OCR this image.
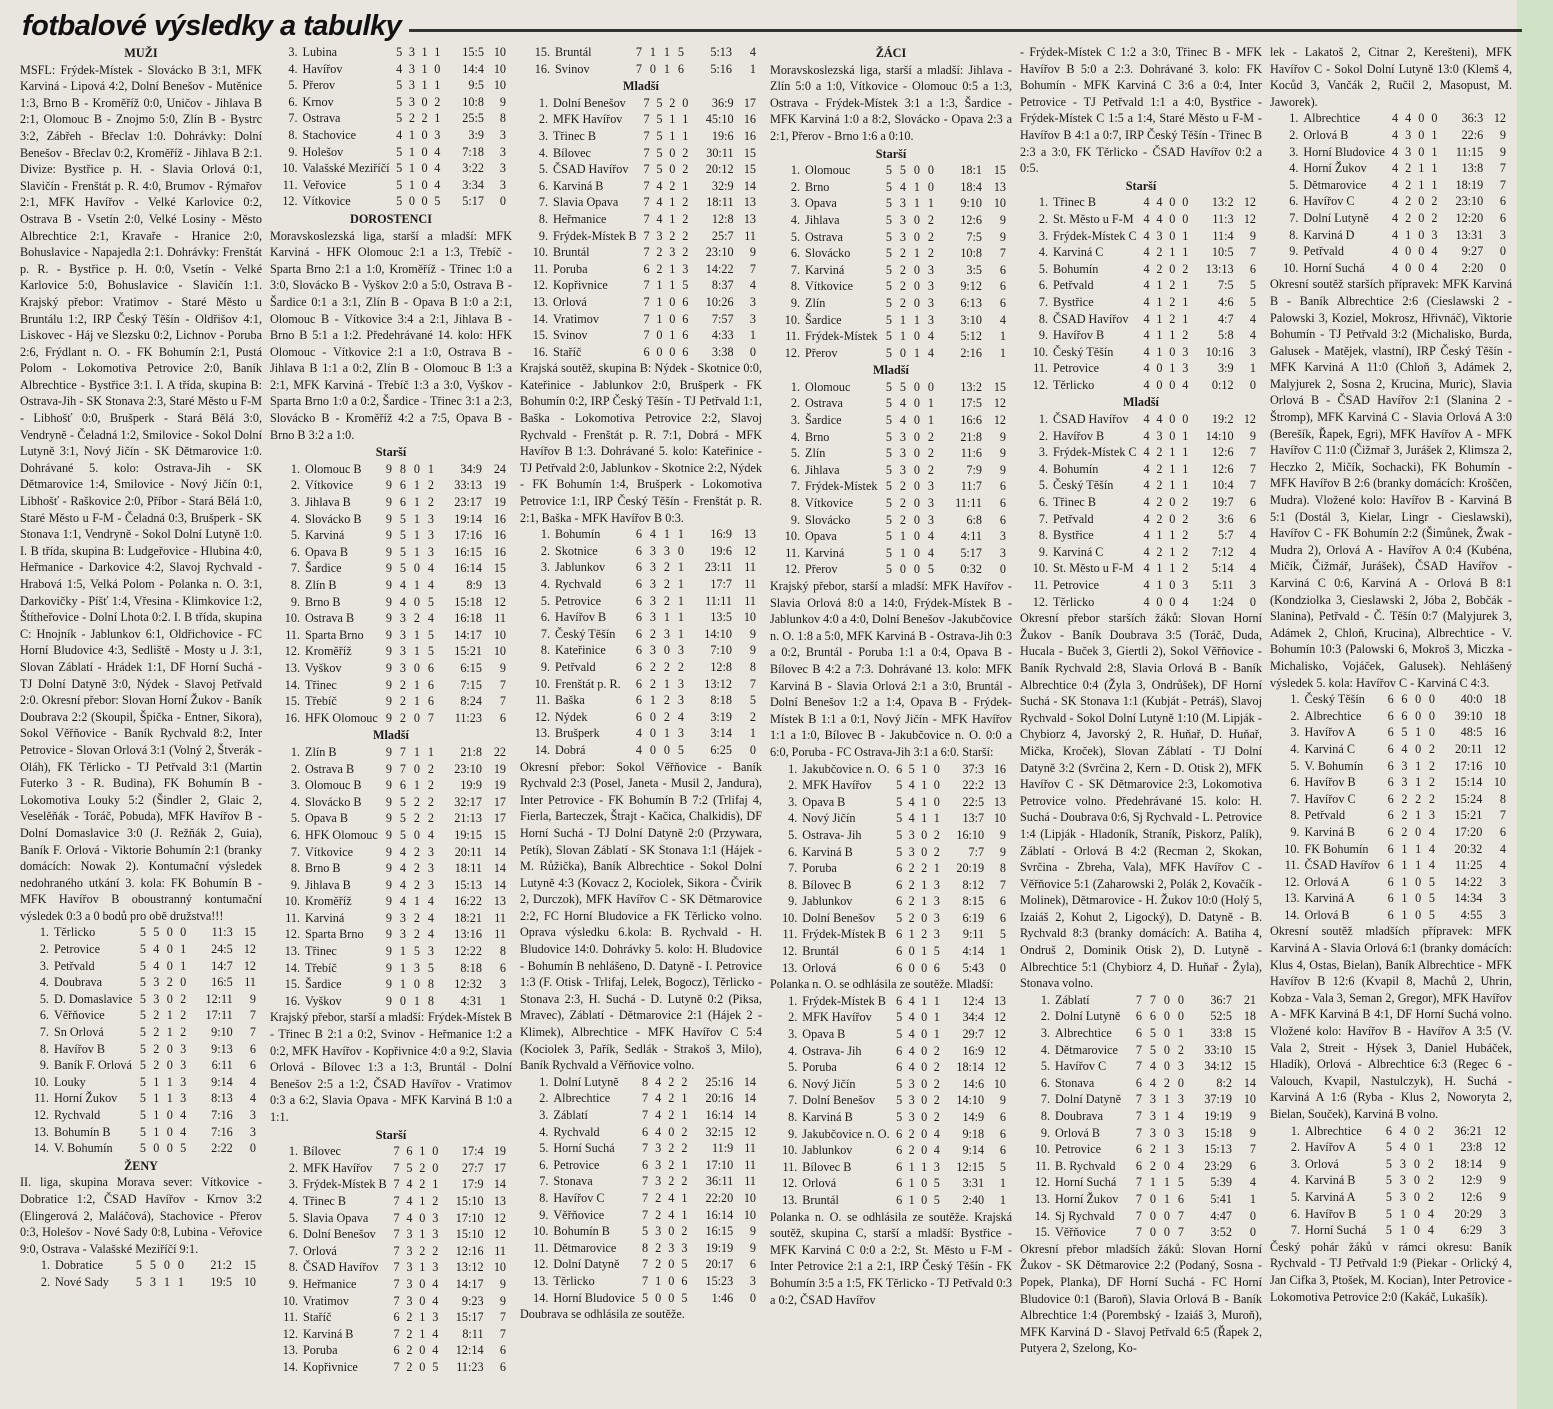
fotbalové výsledky a tabulky
MUŽI

MSFL: Frýdek-Místek - Slovácko B 3:1, MFK Karviná - Lipová 4:2, Dolní Benešov - Mutěnice 1:3, Brno B - Kroměříž 0:0, Uničov - Jihlava B 2:1, Olomouc B - Znojmo 5:0, Zlín B - Bystrc 3:2, Zábřeh - Břeclav 1:0. Dohrávky: Dolní Benešov - Břeclav 0:2, Kroměříž - Jihlava B 2:1. Divize: Bystřice p. H. - Slavia Orlová 0:1, Slavičín - Frenštát p. R. 4:0, Brumov - Rýmařov 2:1, MFK Havířov - Velké Karlovice 0:2, Ostrava B - Vsetín 2:0, Velké Losiny - Město Albrechtice 2:1, Kravaře - Hranice 2:0, Bohuslavice - Napajedla 2:1. Dohrávky: Frenštát p. R. - Bystřice p. H. 0:0, Vsetín - Velké Karlovice 5:0, Bohuslavice - Slavičín 1:1. Krajský přebor: Vratimov - Staré Město u Bruntálu 1:2, IRP Český Těšín - Oldřišov 4:1, Liskovec - Háj ve Slezsku 0:2, Lichnov - Poruba 2:6, Frýdlant n. O. - FK Bohumín 2:1, Pustá Polom - Lokomotiva Petrovice 2:0, Baník Albrechtice - Bystřice 3:1. I. A třída, skupina B: Ostrava-Jih - SK Stonava 2:3, Staré Město u F-M - Libhošť 0:0, Brušperk - Stará Bělá 3:0, Vendryně - Čeladná 1:2, Smilovice - Sokol Dolní Lutyně 3:1, Nový Jičín - SK Dětmarovice 1:0. Dohrávané 5. kolo: Ostrava-Jih - SK Dětmarovice 1:4, Smilovice - Nový Jičín 0:1, Libhošť - Raškovice 2:0, Příbor - Stará Bělá 1:0, Staré Město u F-M - Čeladná 0:3, Brušperk - SK Stonava 1:1, Vendryně - Sokol Dolní Lutyně 1:0. I. B třída, skupina B: Ludgeřovice - Hlubina 4:0, Heřmanice - Darkovice 4:2, Slavoj Rychvald - Hrabová 1:5, Velká Polom - Polanka n. O. 3:1, Darkovičky - Píšť 1:4, Vřesina - Klimkovice 1:2, Štítheřovice - Dolní Lhota 0:2. I. B třída, skupina C: Hnojník - Jablunkov 6:1, Oldřichovice - FC Horní Bludovice 4:3, Sedliště - Mosty u J. 3:1, Slovan Záblatí - Hrádek 1:1, DF Horní Suchá - TJ Dolní Datyně 3:0, Nýdek - Slavoj Petřvald 2:0. Okresní přebor: Slovan Horní Žukov - Baník Doubrava 2:2 (Skoupil, Špička - Entner, Sikora), Sokol Věřňovice - Baník Rychvald 8:2, Inter Petrovice - Slovan Orlová 3:1 (Volný 2, Štverák - Oláh), FK Těrlicko - TJ Petřvald 3:1 (Martin Futerko 3 - R. Budina), FK Bohumín B - Lokomotiva Louky 5:2 (Šindler 2, Glaic 2, Veselěňák - Toráč, Pobuda), MFK Havířov B - Dolní Domaslavice 3:0 (J. Režňák 2, Guia), Baník F. Orlová - Viktorie Bohumín 2:1 (branky domácích: Nowak 2). Kontumační výsledek nedohraného utkání 3. kola: FK Bohumín B - MFK Havířov B oboustranný kontumační výsledek 0:3 a 0 bodů pro obě družstva!!!

1.	Těrlicko	5	5	0	0	11:3	15
2.	Petrovice	5	4	0	1	24:5	12
3.	Petřvald	5	4	0	1	14:7	12
4.	Doubrava	5	3	2	0	16:5	11
5.	D. Domaslavice	5	3	0	2	12:11	9
6.	Věřňovice	5	2	1	2	17:11	7
7.	Sn Orlová	5	2	1	2	9:10	7
8.	Havířov B	5	2	0	3	9:13	6
9.	Baník F. Orlová	5	2	0	3	6:11	6
10.	Louky	5	1	1	3	9:14	4
11.	Horní Žukov	5	1	1	3	8:13	4
12.	Rychvald	5	1	0	4	7:16	3
13.	Bohumín B	5	1	0	4	7:16	3
14.	V. Bohumín	5	0	0	5	2:22	0
ŽENY

II. liga, skupina Morava sever: Vítkovice - Dobratice 1:2, ČSAD Havířov - Krnov 3:2 (Elingerová 2, Maláčová), Stachovice - Přerov 0:3, Holešov - Nové Sady 0:8, Lubina - Veřovice 9:0, Ostrava - Valašské Meziříčí 9:1.

1.	Dobratice	5	5	0	0	21:2	15
2.	Nové Sady	5	3	1	1	19:5	10
3.	Lubina	5	3	1	1	15:5	10
4.	Havířov	4	3	1	0	14:4	10
5.	Přerov	5	3	1	1	9:5	10
6.	Krnov	5	3	0	2	10:8	9
7.	Ostrava	5	2	2	1	25:5	8
8.	Stachovice	4	1	0	3	3:9	3
9.	Holešov	5	1	0	4	7:18	3
10.	Valašské Meziříčí	5	1	0	4	3:22	3
11.	Veřovice	5	1	0	4	3:34	3
12.	Vítkovice	5	0	0	5	5:17	0
DOROSTENCI

Moravskoslezská liga, starší a mladší: MFK Karviná - HFK Olomouc 2:1 a 1:3, Třebíč - Sparta Brno 2:1 a 1:0, Kroměříž - Třinec 1:0 a 3:0, Slovácko B - Vyškov 2:0 a 5:0, Ostrava B - Šardice 0:1 a 3:1, Zlín B - Opava B 1:0 a 2:1, Olomouc B - Vítkovice 3:4 a 2:1, Jihlava B - Brno B 5:1 a 1:2. Předehrávané 14. kolo: HFK Olomouc - Vítkovice 2:1 a 1:0, Ostrava B - Jihlava B 1:1 a 0:2, Zlín B - Olomouc B 1:3 a 2:1, MFK Karviná - Třebíč 1:3 a 3:0, Vyškov - Sparta Brno 1:0 a 0:2, Šardice - Třinec 3:1 a 2:3, Slovácko B - Kroměříž 4:2 a 7:5, Opava B - Brno B 3:2 a 1:0.

Starší
1.	Olomouc B	9	8	0	1	34:9	24
2.	Vítkovice	9	6	1	2	33:13	19
3.	Jihlava B	9	6	1	2	23:17	19
4.	Slovácko B	9	5	1	3	19:14	16
5.	Karviná	9	5	1	3	17:16	16
6.	Opava B	9	5	1	3	16:15	16
7.	Šardice	9	5	0	4	16:14	15
8.	Zlín B	9	4	1	4	8:9	13
9.	Brno B	9	4	0	5	15:18	12
10.	Ostrava B	9	3	2	4	16:18	11
11.	Sparta Brno	9	3	1	5	14:17	10
12.	Kroměříž	9	3	1	5	15:21	10
13.	Vyškov	9	3	0	6	6:15	9
14.	Třinec	9	2	1	6	7:15	7
15.	Třebíč	9	2	1	6	8:24	7
16.	HFK Olomouc	9	2	0	7	11:23	6
Mladší
1.	Zlín B	9	7	1	1	21:8	22
2.	Ostrava B	9	7	0	2	23:10	19
3.	Olomouc B	9	6	1	2	19:9	19
4.	Slovácko B	9	5	2	2	32:17	17
5.	Opava B	9	5	2	2	21:13	17
6.	HFK Olomouc	9	5	0	4	19:15	15
7.	Vítkovice	9	4	2	3	20:11	14
8.	Brno B	9	4	2	3	18:11	14
9.	Jihlava B	9	4	2	3	15:13	14
10.	Kroměříž	9	4	1	4	16:22	13
11.	Karviná	9	3	2	4	18:21	11
12.	Sparta Brno	9	3	2	4	13:16	11
13.	Třinec	9	1	5	3	12:22	8
14.	Třebíč	9	1	3	5	8:18	6
15.	Šardice	9	1	0	8	12:32	3
16.	Vyškov	9	0	1	8	4:31	1

Krajský přebor, starší a mladší: Frýdek-Místek B - Třinec B 2:1 a 0:2, Svinov - Heřmanice 1:2 a 0:2, MFK Havířov - Kopřivnice 4:0 a 9:2, Slavia Orlová - Bílovec 1:3 a 1:3, Bruntál - Dolní Benešov 2:5 a 1:2, ČSAD Havířov - Vratimov 0:3 a 6:2, Slavia Opava - MFK Karviná B 1:0 a 1:1.

Starší
1.	Bílovec	7	6	1	0	17:4	19
2.	MFK Havířov	7	5	2	0	27:7	17
3.	Frýdek-Místek B	7	4	2	1	17:9	14
4.	Třinec B	7	4	1	2	15:10	13
5.	Slavia Opava	7	4	0	3	17:10	12
6.	Dolní Benešov	7	3	1	3	15:10	12
7.	Orlová	7	3	2	2	12:16	11
8.	ČSAD Havířov	7	3	1	3	13:12	10
9.	Heřmanice	7	3	0	4	14:17	9
10.	Vratimov	7	3	0	4	9:23	9
11.	Staříč	6	2	1	3	15:17	7
12.	Karviná B	7	2	1	4	8:11	7
13.	Poruba	6	2	0	4	12:14	6
14.	Kopřivnice	7	2	0	5	11:23	6
15.	Bruntál	7	1	1	5	5:13	4
16.	Svinov	7	0	1	6	5:16	1
Mladší
1.	Dolní Benešov	7	5	2	0	36:9	17
2.	MFK Havířov	7	5	1	1	45:10	16
3.	Třinec B	7	5	1	1	19:6	16
4.	Bílovec	7	5	0	2	30:11	15
5.	ČSAD Havířov	7	5	0	2	20:12	15
6.	Karviná B	7	4	2	1	32:9	14
7.	Slavia Opava	7	4	1	2	18:11	13
8.	Heřmanice	7	4	1	2	12:8	13
9.	Frýdek-Místek B	7	3	2	2	25:7	11
10.	Bruntál	7	2	3	2	23:10	9
11.	Poruba	6	2	1	3	14:22	7
12.	Kopřivnice	7	1	1	5	8:37	4
13.	Orlová	7	1	0	6	10:26	3
14.	Vratimov	7	1	0	6	7:57	3
15.	Svinov	7	0	1	6	4:33	1
16.	Staříč	6	0	0	6	3:38	0

Krajská soutěž, skupina B: Nýdek - Skotnice 0:0, Kateřinice - Jablunkov 2:0, Brušperk - FK Bohumín 0:2, IRP Český Těšín - TJ Petřvald 1:1, Baška - Lokomotiva Petrovice 2:2, Slavoj Rychvald - Frenštát p. R. 7:1, Dobrá - MFK Havířov B 1:3. Dohrávané 5. kolo: Kateřinice - TJ Petřvald 2:0, Jablunkov - Skotnice 2:2, Nýdek - FK Bohumín 1:4, Brušperk - Lokomotiva Petrovice 1:1, IRP Český Těšín - Frenštát p. R. 2:1, Baška - MFK Havířov B 0:3.

1.	Bohumín	6	4	1	1	16:9	13
2.	Skotnice	6	3	3	0	19:6	12
3.	Jablunkov	6	3	2	1	23:11	11
4.	Rychvald	6	3	2	1	17:7	11
5.	Petrovice	6	3	2	1	11:11	11
6.	Havířov B	6	3	1	1	13:5	10
7.	Český Těšín	6	2	3	1	14:10	9
8.	Kateřinice	6	3	0	3	7:10	9
9.	Petřvald	6	2	2	2	12:8	8
10.	Frenštát p. R.	6	2	1	3	13:12	7
11.	Baška	6	1	2	3	8:18	5
12.	Nýdek	6	0	2	4	3:19	2
13.	Brušperk	4	0	1	3	3:14	1
14.	Dobrá	4	0	0	5	6:25	0

Okresní přebor: Sokol Věřňovice - Baník Rychvald 2:3 (Posel, Janeta - Musil 2, Jandura), Inter Petrovice - FK Bohumín B 7:2 (Trlifaj 4, Fierla, Barteczek, Štrajt - Kačica, Chalkidis), DF Horní Suchá - TJ Dolní Datyně 2:0 (Przywara, Petík), Slovan Záblatí - SK Stonava 1:1 (Hájek - M. Růžička), Baník Albrechtice - Sokol Dolní Lutyně 4:3 (Kovacz 2, Kociolek, Sikora - Čvirik 2, Durczok), MFK Havířov C - SK Dětmarovice 2:2, FC Horní Bludovice a FK Těrlicko volno. Oprava výsledku 6.kola: B. Rychvald - H. Bludovice 14:0. Dohrávky 5. kolo: H. Bludovice - Bohumín B nehlášeno, D. Datyně - I. Petrovice 1:3 (F. Otisk - Trlifaj, Lelek, Bogocz), Těrlicko - Stonava 2:3, H. Suchá - D. Lutyně 0:2 (Piksa, Mravec), Záblatí - Dětmarovice 2:1 (Hájek 2 - Klimek), Albrechtice - MFK Havířov C 5:4 (Kociolek 3, Pařík, Sedlák - Strakoš 3, Milo), Baník Rychvald a Věřňovice volno.

1.	Dolní Lutyně	8	4	2	2	25:16	14
2.	Albrechtice	7	4	2	1	20:16	14
3.	Záblatí	7	4	2	1	16:14	14
4.	Rychvald	6	4	0	2	32:15	12
5.	Horní Suchá	7	3	2	2	11:9	11
6.	Petrovice	6	3	2	1	17:10	11
7.	Stonava	7	3	2	2	36:11	11
8.	Havířov C	7	2	4	1	22:20	10
9.	Věřňovice	7	2	4	1	16:14	10
10.	Bohumín B	5	3	0	2	16:15	9
11.	Dětmarovice	8	2	3	3	19:19	9
12.	Dolní Datyně	7	2	0	5	20:17	6
13.	Těrlicko	7	1	0	6	15:23	3
14.	Horní Bludovice	5	0	0	5	1:46	0

Doubrava se odhlásila ze soutěže.

ŽÁCI

Moravskoslezská liga, starší a mladší: Jihlava - Zlín 5:0 a 1:0, Vítkovice - Olomouc 0:5 a 1:3, Ostrava - Frýdek-Místek 3:1 a 1:3, Šardice - MFK Karviná 1:0 a 8:2, Slovácko - Opava 2:3 a 2:1, Přerov - Brno 1:6 a 0:10.

Starší
1.	Olomouc	5	5	0	0	18:1	15
2.	Brno	5	4	1	0	18:4	13
3.	Opava	5	3	1	1	9:10	10
4.	Jihlava	5	3	0	2	12:6	9
5.	Ostrava	5	3	0	2	7:5	9
6.	Slovácko	5	2	1	2	10:8	7
7.	Karviná	5	2	0	3	3:5	6
8.	Vítkovice	5	2	0	3	9:12	6
9.	Zlín	5	2	0	3	6:13	6
10.	Šardice	5	1	1	3	3:10	4
11.	Frýdek-Místek	5	1	0	4	5:12	1
12.	Přerov	5	0	1	4	2:16	1
Mladší
1.	Olomouc	5	5	0	0	13:2	15
2.	Ostrava	5	4	0	1	17:5	12
3.	Šardice	5	4	0	1	16:6	12
4.	Brno	5	3	0	2	21:8	9
5.	Zlín	5	3	0	2	11:6	9
6.	Jihlava	5	3	0	2	7:9	9
7.	Frýdek-Místek	5	2	0	3	11:7	6
8.	Vítkovice	5	2	0	3	11:11	6
9.	Slovácko	5	2	0	3	6:8	6
10.	Opava	5	1	0	4	4:11	3
11.	Karviná	5	1	0	4	5:17	3
12.	Přerov	5	0	0	5	0:32	0

Krajský přebor, starší a mladší: MFK Havířov - Slavia Orlová 8:0 a 14:0, Frýdek-Místek B - Jablunkov 4:0 a 4:0, Dolní Benešov -Jakubčovice n. O. 1:8 a 5:0, MFK Karviná B - Ostrava-Jih 0:3 a 0:2, Bruntál - Poruba 1:1 a 0:4, Opava B - Bílovec B 4:2 a 7:3. Dohrávané 13. kolo: MFK Karviná B - Slavia Orlová 2:1 a 3:0, Bruntál - Dolní Benešov 1:2 a 1:4, Opava B - Frýdek-Místek B 1:1 a 0:1, Nový Jičín - MFK Havířov 1:1 a 1:0, Bílovec B - Jakubčovice n. O. 0:0 a 6:0, Poruba - FC Ostrava-Jih 3:1 a 6:0. Starší:

1.	Jakubčovice n. O.	6	5	1	0	37:3	16
2.	MFK Havířov	5	4	1	0	22:2	13
3.	Opava B	5	4	1	0	22:5	13
4.	Nový Jičín	5	4	1	1	13:7	10
5.	Ostrava- Jih	5	3	0	2	16:10	9
6.	Karviná B	5	3	0	2	7:7	9
7.	Poruba	6	2	2	1	20:19	8
8.	Bílovec B	6	2	1	3	8:12	7
9.	Jablunkov	6	2	1	3	8:15	6
10.	Dolní Benešov	5	2	0	3	6:19	6
11.	Frýdek-Místek B	6	1	2	3	9:11	5
12.	Bruntál	6	0	1	5	4:14	1
13.	Orlová	6	0	0	6	5:43	0

Polanka n. O. se odhlásila ze soutěže. Mladší:

1.	Frýdek-Místek B	6	4	1	1	12:4	13
2.	MFK Havířov	5	4	0	1	34:4	12
3.	Opava B	5	4	0	1	29:7	12
4.	Ostrava- Jih	6	4	0	2	16:9	12
5.	Poruba	6	4	0	2	18:14	12
6.	Nový Jičín	5	3	0	2	14:6	10
7.	Dolní Benešov	5	3	0	2	14:10	9
8.	Karviná B	5	3	0	2	14:9	6
9.	Jakubčovice n. O.	6	2	0	4	9:18	6
10.	Jablunkov	6	2	0	4	9:14	6
11.	Bílovec B	6	1	1	3	12:15	5
12.	Orlová	6	1	0	5	3:31	1
13.	Bruntál	6	1	0	5	2:40	1

Polanka n. O. se odhlásila ze soutěže. Krajská soutěž, skupina C, starší a mladší: Bystřice - MFK Karviná C 0:0 a 2:2, St. Město u F-M - Inter Petrovice 2:1 a 2:1, IRP Český Těšín - FK Bohumín 3:5 a 1:5, FK Těrlicko - TJ Petřvald 0:3 a 0:2, ČSAD Havířov

- Frýdek-Místek C 1:2 a 3:0, Třinec B - MFK Havířov B 5:0 a 2:3. Dohrávané 3. kolo: FK Bohumín - MFK Karviná C 3:6 a 0:4, Inter Petrovice - TJ Petřvald 1:1 a 4:0, Bystřice - Frýdek-Místek C 1:5 a 1:4, Staré Město u F-M - Havířov B 4:1 a 0:7, IRP Český Těšín - Třinec B 2:3 a 3:0, FK Těrlicko - ČSAD Havířov 0:2 a 0:5.

Starší
1.	Třinec B	4	4	0	0	13:2	12
2.	St. Město u F-M	4	4	0	0	11:3	12
3.	Frýdek-Místek C	4	3	0	1	11:4	9
4.	Karviná C	4	2	1	1	10:5	7
5.	Bohumín	4	2	0	2	13:13	6
6.	Petřvald	4	1	2	1	7:5	5
7.	Bystřice	4	1	2	1	4:6	5
8.	ČSAD Havířov	4	1	2	1	4:7	4
9.	Havířov B	4	1	1	2	5:8	4
10.	Český Těšín	4	1	0	3	10:16	3
11.	Petrovice	4	0	1	3	3:9	1
12.	Těrlicko	4	0	0	4	0:12	0
Mladší
1.	ČSAD Havířov	4	4	0	0	19:2	12
2.	Havířov B	4	3	0	1	14:10	9
3.	Frýdek-Místek C	4	2	1	1	12:6	7
4.	Bohumín	4	2	1	1	12:6	7
5.	Český Těšín	4	2	1	1	10:4	7
6.	Třinec B	4	2	0	2	19:7	6
7.	Petřvald	4	2	0	2	3:6	6
8.	Bystřice	4	1	1	2	5:7	4
9.	Karviná C	4	2	1	2	7:12	4
10.	St. Město u F-M	4	1	1	2	5:14	4
11.	Petrovice	4	1	0	3	5:11	3
12.	Těrlicko	4	0	0	4	1:24	0

Okresní přebor starších žáků: Slovan Horní Žukov - Baník Doubrava 3:5 (Toráč, Duda, Hucala - Buček 3, Giertli 2), Sokol Věřňovice - Baník Rychvald 2:8, Slavia Orlová B - Baník Albrechtice 0:4 (Žyla 3, Ondrůšek), DF Horní Suchá - SK Stonava 1:1 (Kubját - Petráš), Slavoj Rychvald - Sokol Dolní Lutyně 1:10 (M. Lipják - Chybiorz 4, Javorský 2, R. Huňař, D. Huňař, Mička, Kroček), Slovan Záblatí - TJ Dolní Datyně 3:2 (Svrčina 2, Kern - D. Otisk 2), MFK Havířov C - SK Dětmarovice 2:3, Lokomotiva Petrovice volno. Předehrávané 15. kolo: H. Suchá - Doubrava 0:6, Sj Rychvald - L. Petrovice 1:4 (Lipják - Hladoník, Straník, Piskorz, Palík), Záblatí - Orlová B 4:2 (Recman 2, Skokan, Svrčina - Zbreha, Vala), MFK Havířov C - Věřňovice 5:1 (Zaharowski 2, Polák 2, Kovačík - Molinek), Dětmarovice - H. Žukov 10:0 (Holý 5, Izaiáš 2, Kohut 2, Ligocký), D. Datyně - B. Rychvald 8:3 (branky domácích: A. Batiha 4, Ondruš 2, Dominik Otisk 2), D. Lutyně - Albrechtice 5:1 (Chybiorz 4, D. Huňař - Žyla), Stonava volno.

1.	Záblatí	7	7	0	0	36:7	21
2.	Dolní Lutyně	6	6	0	0	52:5	18
3.	Albrechtice	6	5	0	1	33:8	15
4.	Dětmarovice	7	5	0	2	33:10	15
5.	Havířov C	7	4	0	3	34:12	15
6.	Stonava	6	4	2	0	8:2	14
7.	Dolní Datyně	7	3	1	3	37:19	10
8.	Doubrava	7	3	1	4	19:19	9
9.	Orlová B	7	3	0	3	15:18	9
10.	Petrovice	6	2	1	3	15:13	7
11.	B. Rychvald	6	2	0	4	23:29	6
12.	Horní Suchá	7	1	1	5	5:39	4
13.	Horní Žukov	7	0	1	6	5:41	1
14.	Sj Rychvald	7	0	0	7	4:47	0
15.	Věřňovice	7	0	0	7	3:52	0

Okresní přebor mladších žáků: Slovan Horní Žukov - SK Dětmarovice 2:2 (Podaný, Sosna - Popek, Planka), DF Horní Suchá - FC Horní Bludovice 0:1 (Baroň), Slavia Orlová B - Baník Albrechtice 1:4 (Porembský - Izaiáš 3, Muroň), MFK Karviná D - Slavoj Petřvald 6:5 (Řapek 2, Putyera 2, Szelong, Ko-

lek - Lakatoš 2, Citnar 2, Kerešteni), MFK Havířov C - Sokol Dolní Lutyně 13:0 (Klemš 4, Kocůd 3, Vančák 2, Ručil 2, Masopust, M. Jaworek).

1.	Albrechtice	4	4	0	0	36:3	12
2.	Orlová B	4	3	0	1	22:6	9
3.	Horní Bludovice	4	3	0	1	11:15	9
4.	Horní Žukov	4	2	1	1	13:8	7
5.	Dětmarovice	4	2	1	1	18:19	7
6.	Havířov C	4	2	0	2	23:10	6
7.	Dolní Lutyně	4	2	0	2	12:20	6
8.	Karviná D	4	1	0	3	13:31	3
9.	Petřvald	4	0	0	4	9:27	0
10.	Horní Suchá	4	0	0	4	2:20	0

Okresní soutěž starších přípravek: MFK Karviná B - Baník Albrechtice 2:6 (Cieslawski 2 - Palowski 3, Koziel, Mokrosz, Hřivnáč), Viktorie Bohumín - TJ Petřvald 3:2 (Michalisko, Burda, Galusek - Matějek, vlastní), IRP Český Těšín - MFK Karviná A 11:0 (Chloň 3, Adámek 2, Malyjurek 2, Sosna 2, Krucina, Muric), Slavia Orlová B - ČSAD Havířov 2:1 (Slanina 2 - Štromp), MFK Karviná C - Slavia Orlová A 3:0 (Berešík, Řapek, Egri), MFK Havířov A - MFK Havířov C 11:0 (Čižmař 3, Jurášek 2, Klimsza 2, Heczko 2, Mičík, Sochacki), FK Bohumín - MFK Havířov B 2:6 (branky domácích: Kroščen, Mudra). Vložené kolo: Havířov B - Karviná B 5:1 (Dostál 3, Kielar, Lingr - Cieslawski), Havířov C - FK Bohumín 2:2 (Šimůnek, Žwak - Mudra 2), Orlová A - Havířov A 0:4 (Kubéna, Mičík, Čižmář, Jurášek), ČSAD Havířov - Karviná C 0:6, Karviná A - Orlová B 8:1 (Kondziolka 3, Cieslawski 2, Jóba 2, Bobčák - Slanina), Petřvald - Č. Těšín 0:7 (Malyjurek 3, Adámek 2, Chloň, Krucina), Albrechtice - V. Bohumín 10:3 (Palowski 6, Mokroš 3, Miczka - Michalisko, Vojáček, Galusek). Nehlášený výsledek 5. kola: Havířov C - Karviná C 4:3.

1.	Český Těšín	6	6	0	0	40:0	18
2.	Albrechtice	6	6	0	0	39:10	18
3.	Havířov A	6	5	1	0	48:5	16
4.	Karviná C	6	4	0	2	20:11	12
5.	V. Bohumín	6	3	1	2	17:16	10
6.	Havířov B	6	3	1	2	15:14	10
7.	Havířov C	6	2	2	2	15:24	8
8.	Petřvald	6	2	1	3	15:21	7
9.	Karviná B	6	2	0	4	17:20	6
10.	FK Bohumín	6	1	1	4	20:32	4
11.	ČSAD Havířov	6	1	1	4	11:25	4
12.	Orlová A	6	1	0	5	14:22	3
13.	Karviná A	6	1	0	5	14:34	3
14.	Orlová B	6	1	0	5	4:55	3

Okresní soutěž mladších přípravek: MFK Karviná A - Slavia Orlová 6:1 (branky domácích: Klus 4, Ostas, Bielan), Baník Albrechtice - MFK Havířov B 12:6 (Kvapil 8, Machů 2, Uhrin, Kobza - Vala 3, Seman 2, Gregor), MFK Havířov A - MFK Karviná B 4:1, DF Horní Suchá volno. Vložené kolo: Havířov B - Havířov A 3:5 (V. Vala 2, Streit - Hýsek 3, Daniel Hubáček, Hladík), Orlová - Albrechtice 6:3 (Regec 6 - Valouch, Kvapil, Nastulczyk), H. Suchá - Karviná A 1:6 (Ryba - Klus 2, Noworyta 2, Bielan, Souček), Karviná B volno.

1.	Albrechtice	6	4	0	2	36:21	12
2.	Havířov A	5	4	0	1	23:8	12
3.	Orlová	5	3	0	2	18:14	9
4.	Karviná B	5	3	0	2	12:9	9
5.	Karviná A	5	3	0	2	12:6	9
6.	Havířov B	5	1	0	4	20:29	3
7.	Horní Suchá	5	1	0	4	6:29	3

Český pohár žáků v rámci okresu: Baník Rychvald - TJ Petřvald 1:9 (Piekar - Orlický 4, Jan Cifka 3, Ptošek, M. Kocian), Inter Petrovice - Lokomotiva Petrovice 2:0 (Kakáč, Lukašík).
